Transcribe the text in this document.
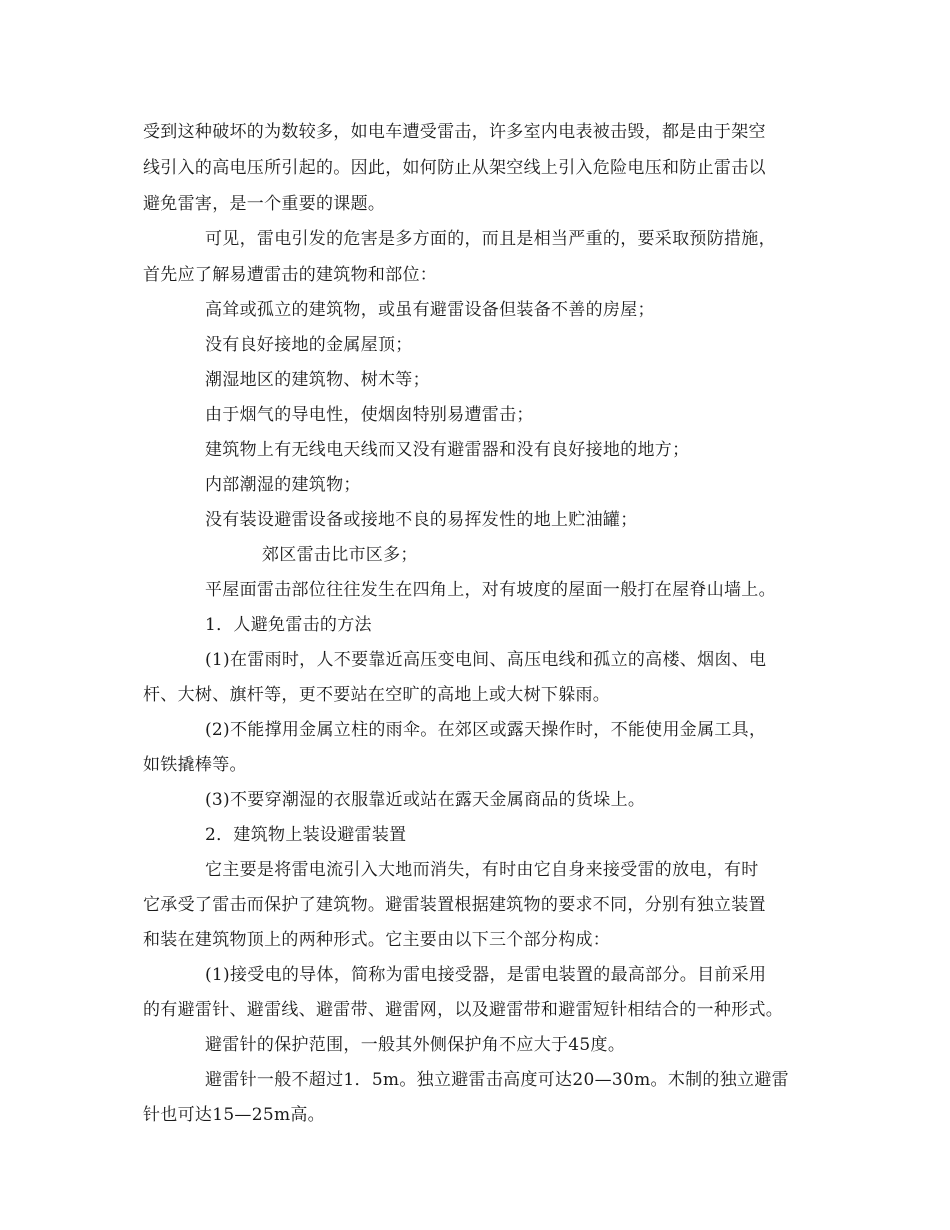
受到这种破坏的为数较多，如电车遭受雷击，许多室内电表被击毁，都是由于架空
线引入的高电压所引起的。因此，如何防止从架空线上引入危险电压和防止雷击以
避免雷害，是一个重要的课题。
可见，雷电引发的危害是多方面的，而且是相当严重的，要采取预防措施，
首先应了解易遭雷击的建筑物和部位：
高耸或孤立的建筑物，或虽有避雷设备但装备不善的房屋；
没有良好接地的金属屋顶；
潮湿地区的建筑物、树木等；
由于烟气的导电性，使烟囱特别易遭雷击；
建筑物上有无线电天线而又没有避雷器和没有良好接地的地方；
内部潮湿的建筑物；
没有装设避雷设备或接地不良的易挥发性的地上贮油罐；
郊区雷击比市区多；
平屋面雷击部位往往发生在四角上，对有坡度的屋面一般打在屋脊山墙上。
1．人避免雷击的方法
(1)在雷雨时，人不要靠近高压变电间、高压电线和孤立的高楼、烟囱、电
杆、大树、旗杆等，更不要站在空旷的高地上或大树下躲雨。
(2)不能撑用金属立柱的雨伞。在郊区或露天操作时，不能使用金属工具，
如铁撬棒等。
(3)不要穿潮湿的衣服靠近或站在露天金属商品的货垛上。
2．建筑物上装设避雷装置
它主要是将雷电流引入大地而消失，有时由它自身来接受雷的放电，有时
它承受了雷击而保护了建筑物。避雷装置根据建筑物的要求不同，分别有独立装置
和装在建筑物顶上的两种形式。它主要由以下三个部分构成：
(1)接受电的导体，简称为雷电接受器，是雷电装置的最高部分。目前采用
的有避雷针、避雷线、避雷带、避雷网，以及避雷带和避雷短针相结合的一种形式。
避雷针的保护范围，一般其外侧保护角不应大于45度。
避雷针一般不超过1．5m。独立避雷击高度可达20—30m。木制的独立避雷
针也可达15—25m高。
